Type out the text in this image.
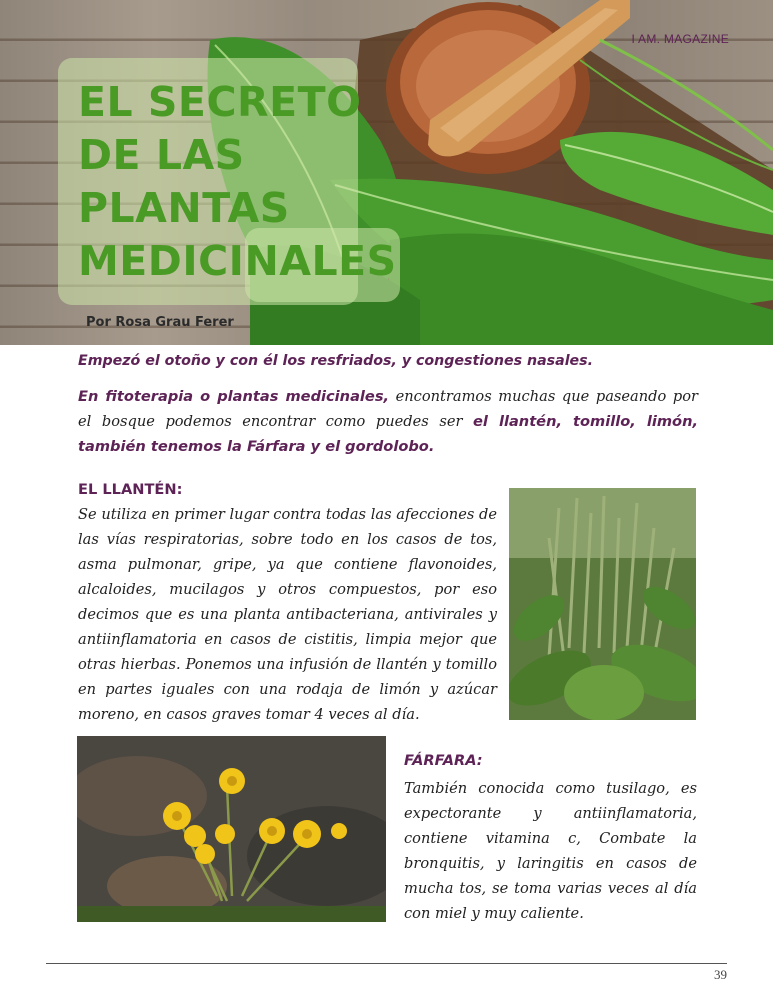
I AM. MAGAZINE
EL SECRETO
DE LAS
PLANTAS
MEDICINALES
Por Rosa Grau Ferer
Empezó el otoño y con él los resfriados, y congestiones nasales.
En fitoterapia o plantas medicinales, encontramos muchas que paseando por el bosque podemos encontrar como puedes ser el llantén, tomillo, limón, también tenemos la Fárfara y el gordolobo.
EL LLANTÉN:
Se utiliza en primer lugar contra todas las afecciones de las vías respiratorias, sobre todo en los casos de tos, asma pulmonar, gripe, ya que contiene flavonoides, alcaloides, mucilagos y otros compuestos, por eso decimos que es una planta antibacteriana, antivirales y antiinflamatoria en casos de cistitis, limpia mejor que otras hierbas. Ponemos una infusión de llantén y tomillo en partes iguales con una rodaja de limón y azúcar moreno, en casos graves tomar 4 veces al día.
FÁRFARA:
También conocida como tusilago, es expectorante y antiinflamatoria, contiene vitamina c, Combate la bronquitis, y laringitis en casos de mucha tos, se toma varias veces al día con miel y muy caliente.
39
